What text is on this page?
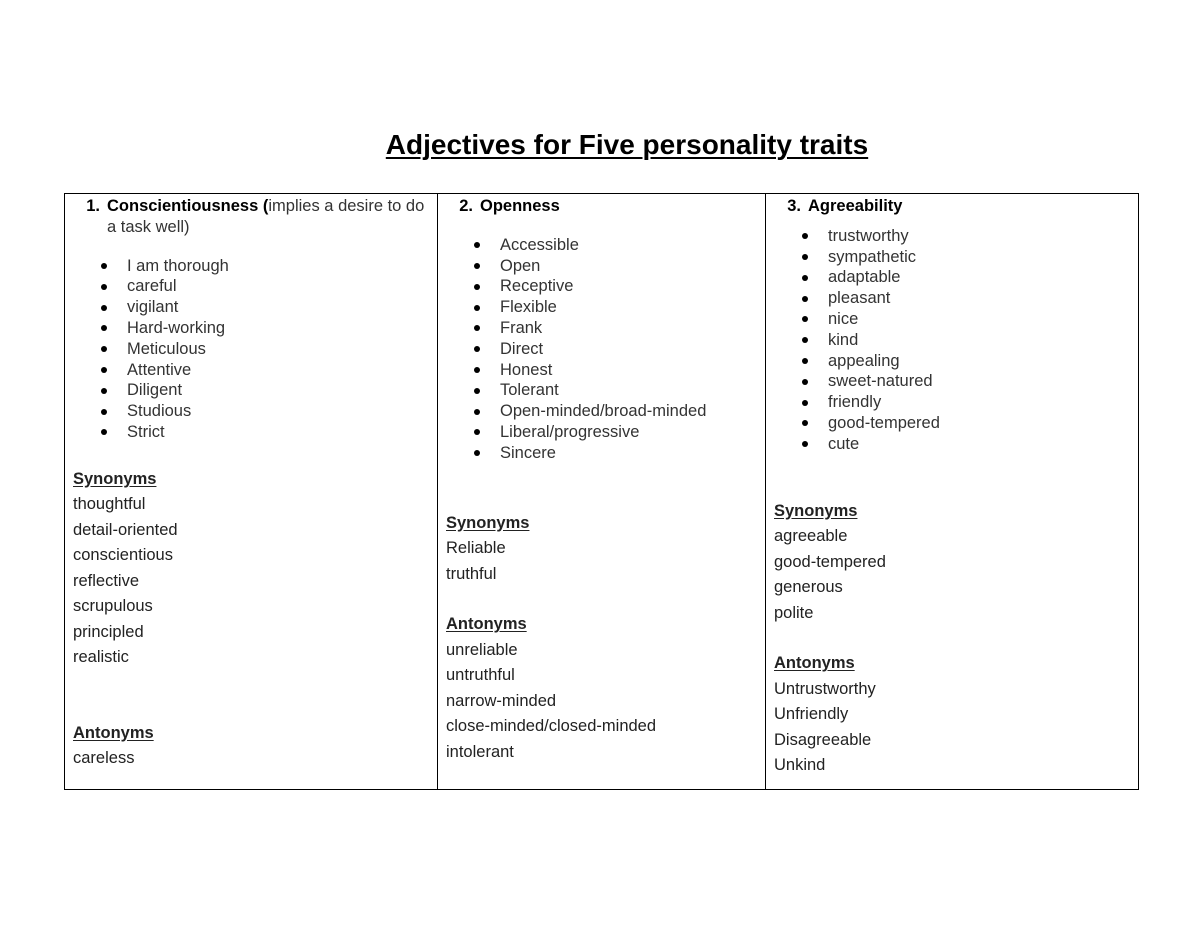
Adjectives for Five personality traits
1. Conscientiousness (implies a desire to do a task well)
I am thorough
careful
vigilant
Hard-working
Meticulous
Attentive
Diligent
Studious
Strict
Synonyms
thoughtful
detail-oriented
conscientious
reflective
scrupulous
principled
realistic
Antonyms
careless
2. Openness
Accessible
Open
Receptive
Flexible
Frank
Direct
Honest
Tolerant
Open-minded/broad-minded
Liberal/progressive
Sincere
Synonyms
Reliable
truthful
Antonyms
unreliable
untruthful
narrow-minded
close-minded/closed-minded
intolerant
3. Agreeability
trustworthy
sympathetic
adaptable
pleasant
nice
kind
appealing
sweet-natured
friendly
good-tempered
cute
Synonyms
agreeable
good-tempered
generous
polite
Antonyms
Untrustworthy
Unfriendly
Disagreeable
Unkind
